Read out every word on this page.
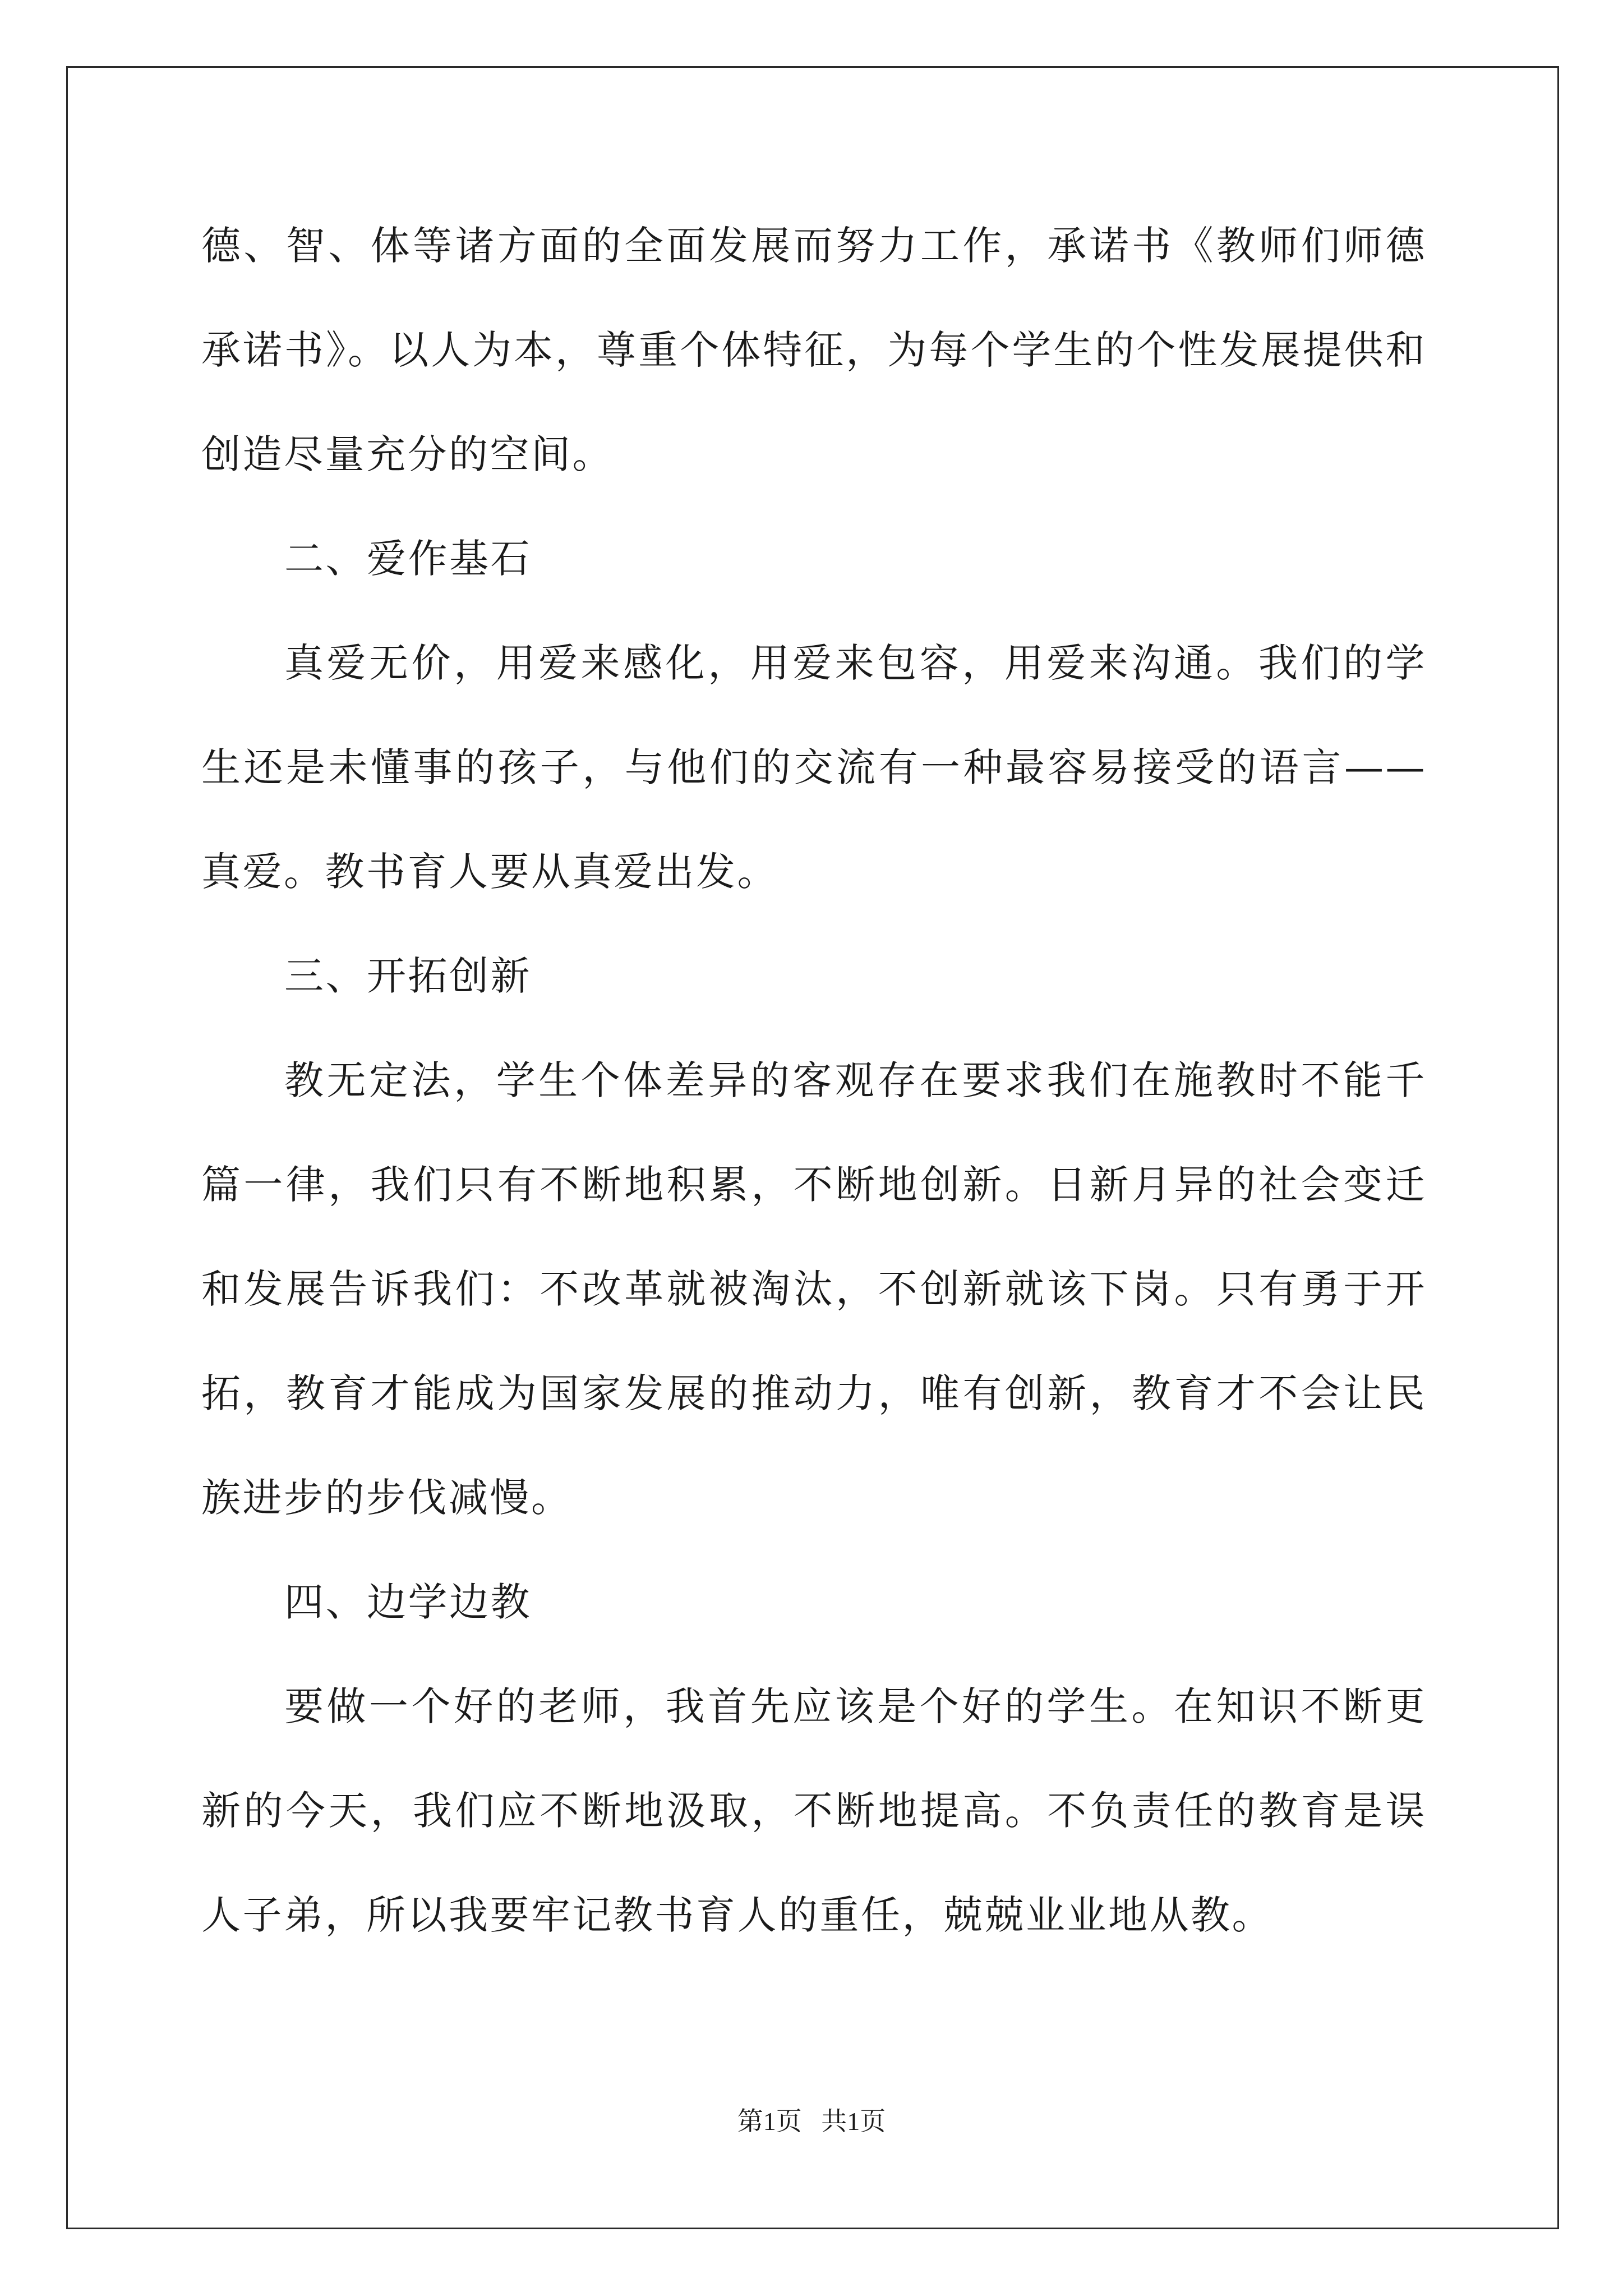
德、智、体等诸方面的全面发展而努力工作，承诺书《教师们师德承诺书》。以人为本，尊重个体特征，为每个学生的个性发展提供和创造尽量充分的空间。

二、爱作基石

真爱无价，用爱来感化，用爱来包容，用爱来沟通。我们的学生还是未懂事的孩子，与他们的交流有一种最容易接受的语言——真爱。教书育人要从真爱出发。

三、开拓创新

教无定法，学生个体差异的客观存在要求我们在施教时不能千篇一律，我们只有不断地积累，不断地创新。日新月异的社会变迁和发展告诉我们：不改革就被淘汰，不创新就该下岗。只有勇于开拓，教育才能成为国家发展的推动力，唯有创新，教育才不会让民族进步的步伐减慢。

四、边学边教

要做一个好的老师，我首先应该是个好的学生。在知识不断更新的今天，我们应不断地汲取，不断地提高。不负责任的教育是误人子弟，所以我要牢记教书育人的重任，兢兢业业地从教。

第1页 共1页
